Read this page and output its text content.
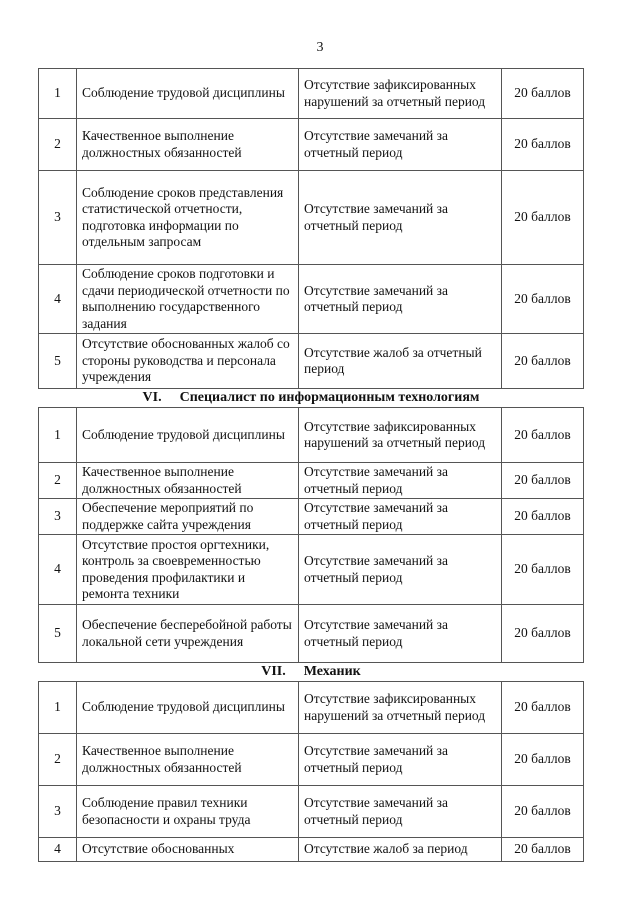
3
1	Соблюдение трудовой дисциплины	Отсутствие зафиксированных нарушений за отчетный период	20 баллов
2	Качественное выполнение должностных обязанностей	Отсутствие замечаний за отчетный период	20 баллов
3	Соблюдение сроков представления статистической отчетности, подготовка информации по отдельным запросам	Отсутствие замечаний за отчетный период	20 баллов
4	Соблюдение сроков подготовки и сдачи периодической отчетности по выполнению государственного задания	Отсутствие замечаний за отчетный период	20 баллов
5	Отсутствие обоснованных жалоб со стороны руководства и персонала учреждения	Отсутствие жалоб за отчетный период	20 баллов
VI. Специалист по информационным технологиям			
1	Соблюдение трудовой дисциплины	Отсутствие зафиксированных нарушений за отчетный период	20 баллов
2	Качественное выполнение должностных обязанностей	Отсутствие замечаний за отчетный период	20 баллов
3	Обеспечение мероприятий по поддержке сайта учреждения	Отсутствие замечаний за отчетный период	20 баллов
4	Отсутствие простоя оргтехники, контроль за своевременностью проведения профилактики и ремонта техники	Отсутствие замечаний за отчетный период	20 баллов
5	Обеспечение бесперебойной работы локальной сети учреждения	Отсутствие замечаний за отчетный период	20 баллов
VII. Механик			
1	Соблюдение трудовой дисциплины	Отсутствие зафиксированных нарушений за отчетный период	20 баллов
2	Качественное выполнение должностных обязанностей	Отсутствие замечаний за отчетный период	20 баллов
3	Соблюдение правил техники безопасности и охраны труда	Отсутствие замечаний за отчетный период	20 баллов
4	Отсутствие обоснованных	Отсутствие жалоб за период	20 баллов
